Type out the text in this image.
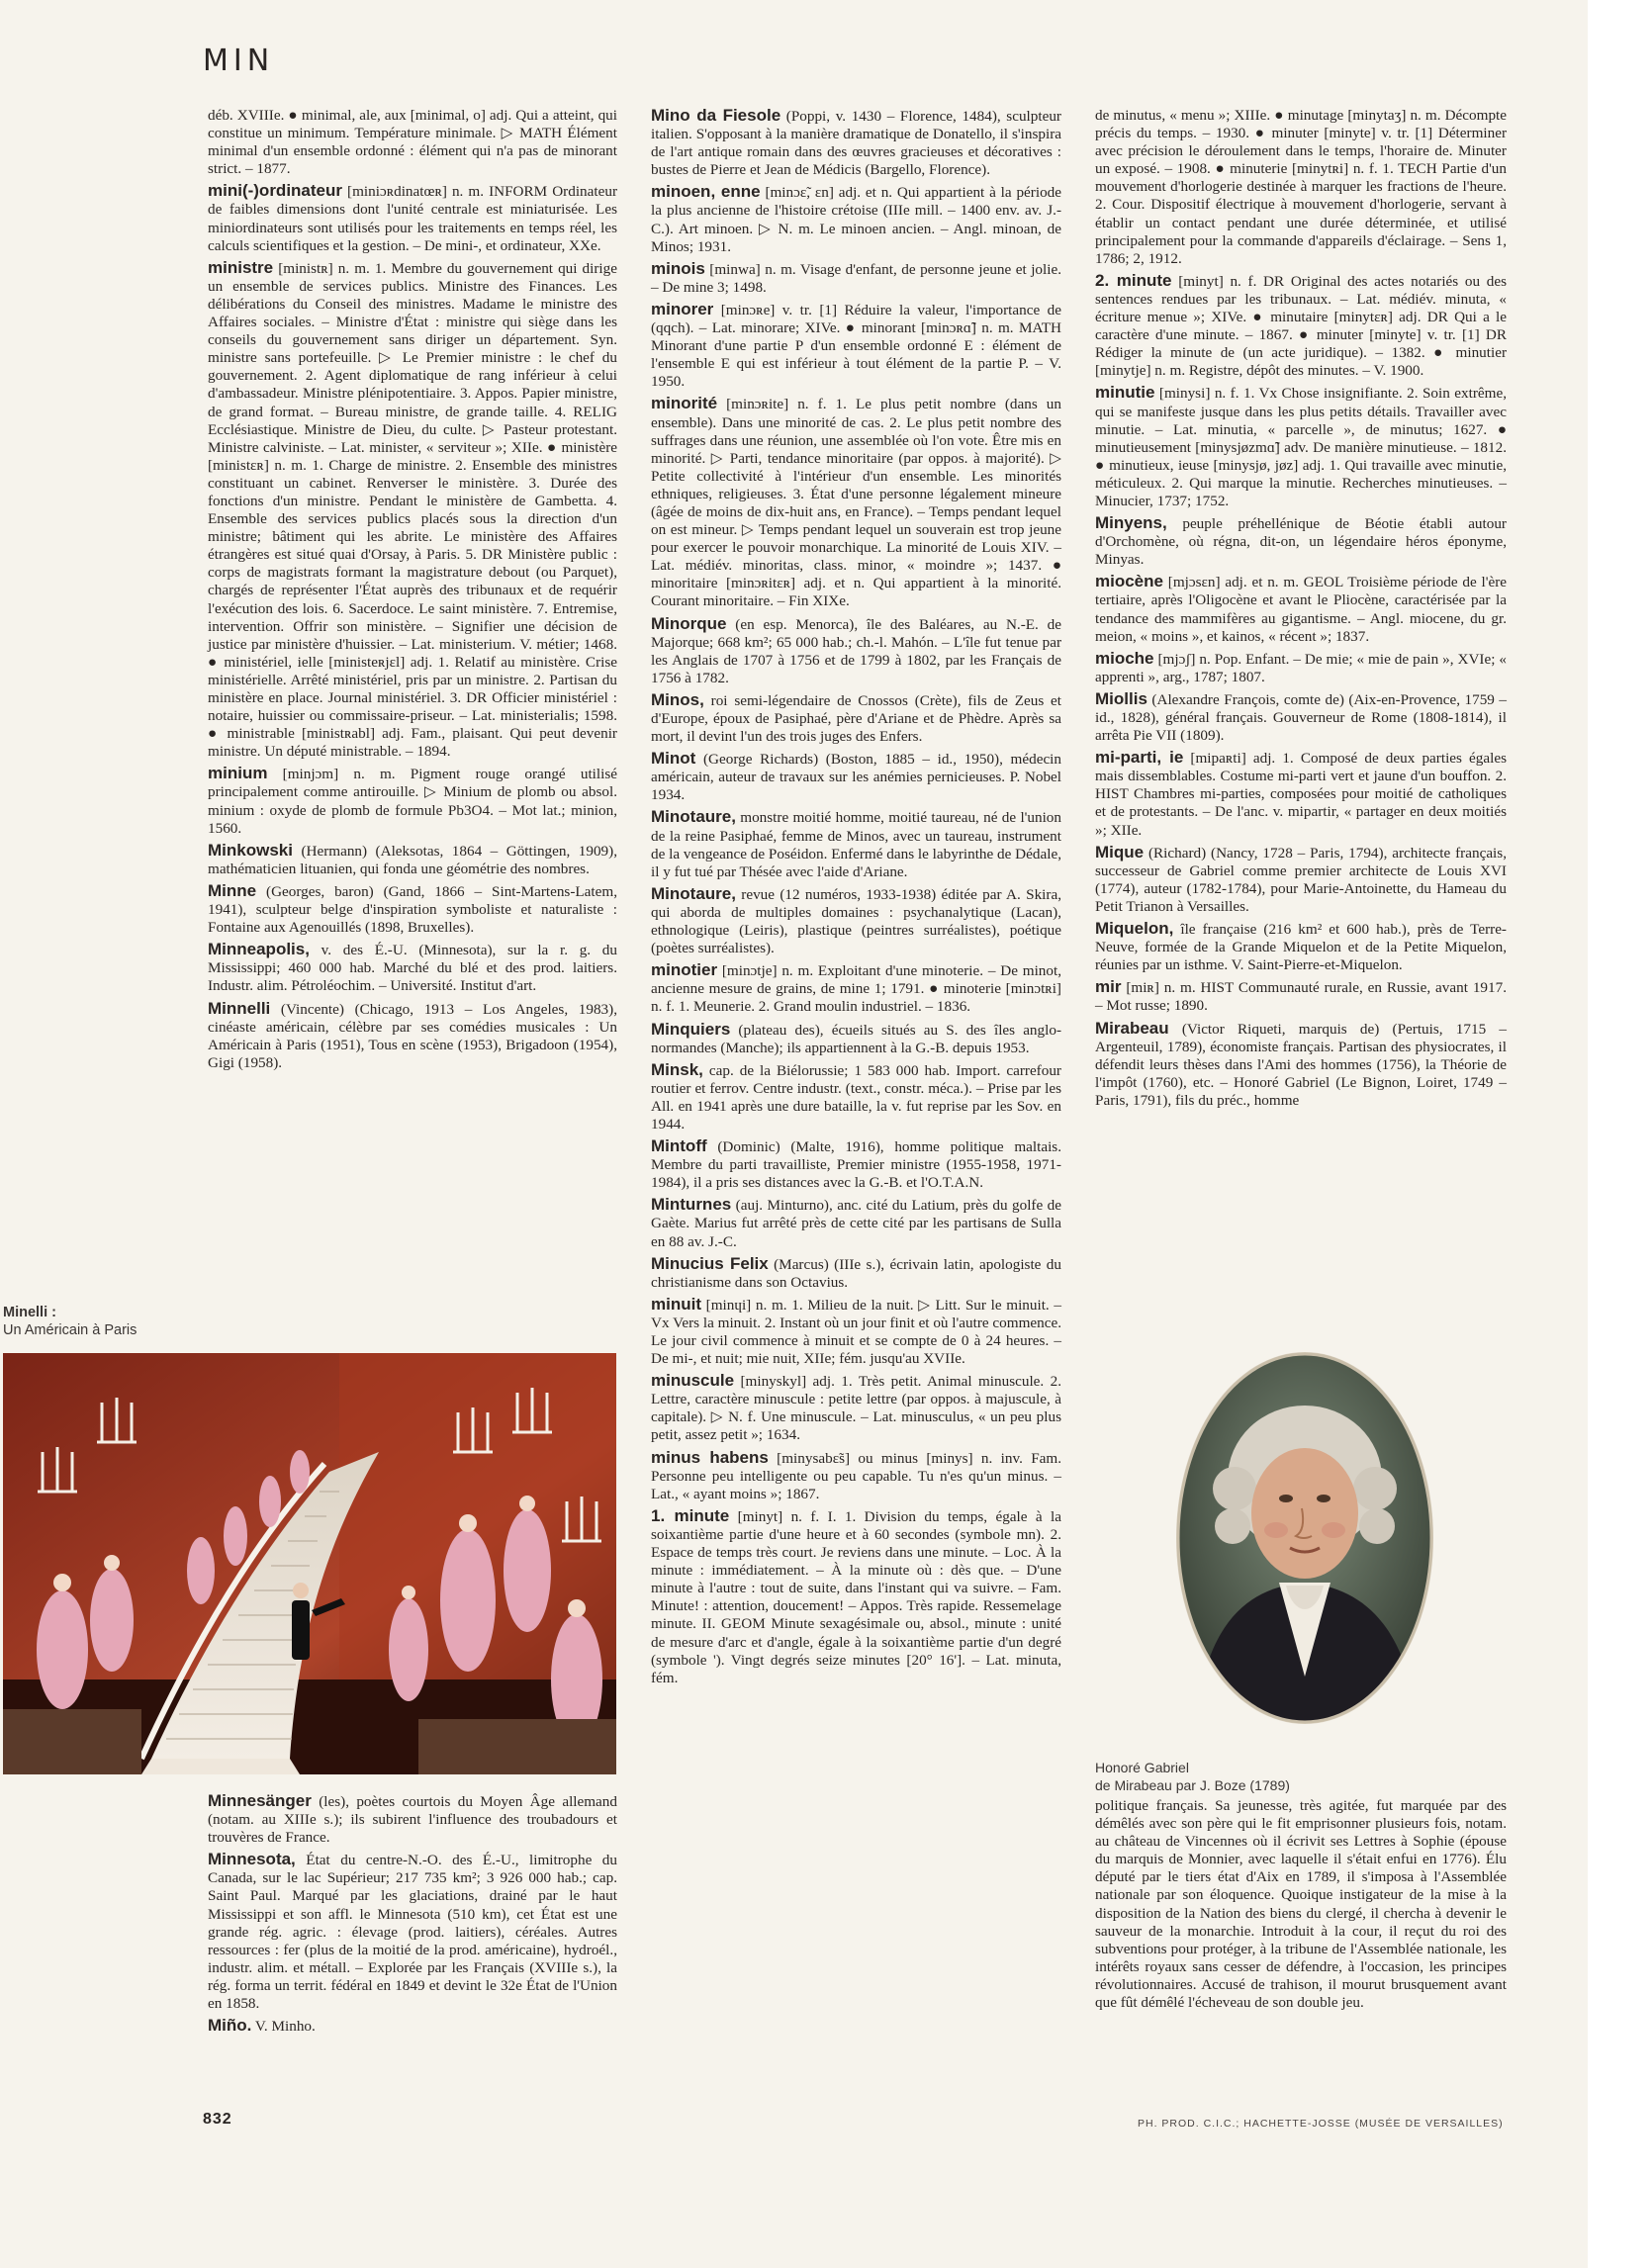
MIN
déb. XVIIIe. ● minimal, ale, aux [minimal, o] adj. Qui a atteint, qui constitue un minimum. Température minimale. ▷ MATH Élément minimal d'un ensemble ordonné : élément qui n'a pas de minorant strict. – 1877.
mini(-)ordinateur [miniɔʀdinatœʀ] n. m. INFORM Ordinateur de faibles dimensions dont l'unité centrale est miniaturisée. Les miniordinateurs sont utilisés pour les traitements en temps réel, les calculs scientifiques et la gestion. – De mini-, et ordinateur, XXe.
ministre [ministʀ] n. m. 1. Membre du gouvernement qui dirige un ensemble de services publics. Ministre des Finances. Les délibérations du Conseil des ministres. Madame le ministre des Affaires sociales. – Ministre d'État : ministre qui siège dans les conseils du gouvernement sans diriger un département. Syn. ministre sans portefeuille. ▷ Le Premier ministre : le chef du gouvernement. 2. Agent diplomatique de rang inférieur à celui d'ambassadeur. Ministre plénipotentiaire. 3. Appos. Papier ministre, de grand format. – Bureau ministre, de grande taille. 4. RELIG Ecclésiastique. Ministre de Dieu, du culte. ▷ Pasteur protestant. Ministre calviniste. – Lat. minister, « serviteur »; XIIe. ● ministère [ministɛʀ] n. m. 1. Charge de ministre. 2. Ensemble des ministres constituant un cabinet. Renverser le ministère. 3. Durée des fonctions d'un ministre. Pendant le ministère de Gambetta. 4. Ensemble des services publics placés sous la direction d'un ministre; bâtiment qui les abrite. Le ministère des Affaires étrangères est situé quai d'Orsay, à Paris. 5. DR Ministère public : corps de magistrats formant la magistrature debout (ou Parquet), chargés de représenter l'État auprès des tribunaux et de requérir l'exécution des lois. 6. Sacerdoce. Le saint ministère. 7. Entremise, intervention. Offrir son ministère. – Signifier une décision de justice par ministère d'huissier. – Lat. ministerium. V. métier; 1468. ● ministériel, ielle [ministeʀjɛl] adj. 1. Relatif au ministère. Crise ministérielle. Arrêté ministériel, pris par un ministre. 2. Partisan du ministère en place. Journal ministériel. 3. DR Officier ministériel : notaire, huissier ou commissaire-priseur. – Lat. ministerialis; 1598. ● ministrable [ministʀabl] adj. Fam., plaisant. Qui peut devenir ministre. Un député ministrable. – 1894.
minium [minjɔm] n. m. Pigment rouge orangé utilisé principalement comme antirouille. ▷ Minium de plomb ou absol. minium : oxyde de plomb de formule Pb3O4. – Mot lat.; minion, 1560.
Minkowski (Hermann) (Aleksotas, 1864 – Göttingen, 1909), mathématicien lituanien, qui fonda une géométrie des nombres.
Minne (Georges, baron) (Gand, 1866 – Sint-Martens-Latem, 1941), sculpteur belge d'inspiration symboliste et naturaliste : Fontaine aux Agenouillés (1898, Bruxelles).
Minneapolis, v. des É.-U. (Minnesota), sur la r. g. du Mississippi; 460 000 hab. Marché du blé et des prod. laitiers. Industr. alim. Pétroléochim. – Université. Institut d'art.
Minnelli (Vincente) (Chicago, 1913 – Los Angeles, 1983), cinéaste américain, célèbre par ses comédies musicales : Un Américain à Paris (1951), Tous en scène (1953), Brigadoon (1954), Gigi (1958).
Minelli :
Un Américain à Paris
Minnesänger (les), poètes courtois du Moyen Âge allemand (notam. au XIIIe s.); ils subirent l'influence des troubadours et trouvères de France.
Minnesota, État du centre-N.-O. des É.-U., limitrophe du Canada, sur le lac Supérieur; 217 735 km²; 3 926 000 hab.; cap. Saint Paul. Marqué par les glaciations, drainé par le haut Mississippi et son affl. le Minnesota (510 km), cet État est une grande rég. agric. : élevage (prod. laitiers), céréales. Autres ressources : fer (plus de la moitié de la prod. américaine), hydroél., industr. alim. et métall. – Explorée par les Français (XVIIIe s.), la rég. forma un territ. fédéral en 1849 et devint le 32e État de l'Union en 1858.
Miño. V. Minho.
Mino da Fiesole (Poppi, v. 1430 – Florence, 1484), sculpteur italien. S'opposant à la manière dramatique de Donatello, il s'inspira de l'art antique romain dans des œuvres gracieuses et décoratives : bustes de Pierre et Jean de Médicis (Bargello, Florence).
minoen, enne [minɔɛ̃, ɛn] adj. et n. Qui appartient à la période la plus ancienne de l'histoire crétoise (IIIe mill. – 1400 env. av. J.-C.). Art minoen. ▷ N. m. Le minoen ancien. – Angl. minoan, de Minos; 1931.
minois [minwa] n. m. Visage d'enfant, de personne jeune et jolie. – De mine 3; 1498.
minorer [minɔʀe] v. tr. [1] Réduire la valeur, l'importance de (qqch). – Lat. minorare; XIVe. ● minorant [minɔʀɑ̃] n. m. MATH Minorant d'une partie P d'un ensemble ordonné E : élément de l'ensemble E qui est inférieur à tout élément de la partie P. – V. 1950.
minorité [minɔʀite] n. f. 1. Le plus petit nombre (dans un ensemble). Dans une minorité de cas. 2. Le plus petit nombre des suffrages dans une réunion, une assemblée où l'on vote. Être mis en minorité. ▷ Parti, tendance minoritaire (par oppos. à majorité). ▷ Petite collectivité à l'intérieur d'un ensemble. Les minorités ethniques, religieuses. 3. État d'une personne légalement mineure (âgée de moins de dix-huit ans, en France). – Temps pendant lequel on est mineur. ▷ Temps pendant lequel un souverain est trop jeune pour exercer le pouvoir monarchique. La minorité de Louis XIV. – Lat. médiév. minoritas, class. minor, « moindre »; 1437. ● minoritaire [minɔʀitɛʀ] adj. et n. Qui appartient à la minorité. Courant minoritaire. – Fin XIXe.
Minorque (en esp. Menorca), île des Baléares, au N.-E. de Majorque; 668 km²; 65 000 hab.; ch.-l. Mahón. – L'île fut tenue par les Anglais de 1707 à 1756 et de 1799 à 1802, par les Français de 1756 à 1782.
Minos, roi semi-légendaire de Cnossos (Crète), fils de Zeus et d'Europe, époux de Pasiphaé, père d'Ariane et de Phèdre. Après sa mort, il devint l'un des trois juges des Enfers.
Minot (George Richards) (Boston, 1885 – id., 1950), médecin américain, auteur de travaux sur les anémies pernicieuses. P. Nobel 1934.
Minotaure, monstre moitié homme, moitié taureau, né de l'union de la reine Pasiphaé, femme de Minos, avec un taureau, instrument de la vengeance de Poséidon. Enfermé dans le labyrinthe de Dédale, il y fut tué par Thésée avec l'aide d'Ariane.
Minotaure, revue (12 numéros, 1933-1938) éditée par A. Skira, qui aborda de multiples domaines : psychanalytique (Lacan), ethnologique (Leiris), plastique (peintres surréalistes), poétique (poètes surréalistes).
minotier [minɔtje] n. m. Exploitant d'une minoterie. – De minot, ancienne mesure de grains, de mine 1; 1791. ● minoterie [minɔtʀi] n. f. 1. Meunerie. 2. Grand moulin industriel. – 1836.
Minquiers (plateau des), écueils situés au S. des îles anglo-normandes (Manche); ils appartiennent à la G.-B. depuis 1953.
Minsk, cap. de la Biélorussie; 1 583 000 hab. Import. carrefour routier et ferrov. Centre industr. (text., constr. méca.). – Prise par les All. en 1941 après une dure bataille, la v. fut reprise par les Sov. en 1944.
Mintoff (Dominic) (Malte, 1916), homme politique maltais. Membre du parti travailliste, Premier ministre (1955-1958, 1971-1984), il a pris ses distances avec la G.-B. et l'O.T.A.N.
Minturnes (auj. Minturno), anc. cité du Latium, près du golfe de Gaète. Marius fut arrêté près de cette cité par les partisans de Sulla en 88 av. J.-C.
Minucius Felix (Marcus) (IIIe s.), écrivain latin, apologiste du christianisme dans son Octavius.
minuit [minɥi] n. m. 1. Milieu de la nuit. ▷ Litt. Sur le minuit. – Vx Vers la minuit. 2. Instant où un jour finit et où l'autre commence. Le jour civil commence à minuit et se compte de 0 à 24 heures. – De mi-, et nuit; mie nuit, XIIe; fém. jusqu'au XVIIe.
minuscule [minyskyl] adj. 1. Très petit. Animal minuscule. 2. Lettre, caractère minuscule : petite lettre (par oppos. à majuscule, à capitale). ▷ N. f. Une minuscule. – Lat. minusculus, « un peu plus petit, assez petit »; 1634.
minus habens [minysabɛ̃s] ou minus [minys] n. inv. Fam. Personne peu intelligente ou peu capable. Tu n'es qu'un minus. – Lat., « ayant moins »; 1867.
1. minute [minyt] n. f. I. 1. Division du temps, égale à la soixantième partie d'une heure et à 60 secondes (symbole mn). 2. Espace de temps très court. Je reviens dans une minute. – Loc. À la minute : immédiatement. – À la minute où : dès que. – D'une minute à l'autre : tout de suite, dans l'instant qui va suivre. – Fam. Minute! : attention, doucement! – Appos. Très rapide. Ressemelage minute. II. GEOM Minute sexagésimale ou, absol., minute : unité de mesure d'arc et d'angle, égale à la soixantième partie d'un degré (symbole '). Vingt degrés seize minutes [20° 16']. – Lat. minuta, fém.
de minutus, « menu »; XIIIe. ● minutage [minytaʒ] n. m. Décompte précis du temps. – 1930. ● minuter [minyte] v. tr. [1] Déterminer avec précision le déroulement dans le temps, l'horaire de. Minuter un exposé. – 1908. ● minuterie [minytʀi] n. f. 1. TECH Partie d'un mouvement d'horlogerie destinée à marquer les fractions de l'heure. 2. Cour. Dispositif électrique à mouvement d'horlogerie, servant à établir un contact pendant une durée déterminée, et utilisé principalement pour la commande d'appareils d'éclairage. – Sens 1, 1786; 2, 1912.
2. minute [minyt] n. f. DR Original des actes notariés ou des sentences rendues par les tribunaux. – Lat. médiév. minuta, « écriture menue »; XIVe. ● minutaire [minytɛʀ] adj. DR Qui a le caractère d'une minute. – 1867. ● minuter [minyte] v. tr. [1] DR Rédiger la minute de (un acte juridique). – 1382. ● minutier [minytje] n. m. Registre, dépôt des minutes. – V. 1900.
minutie [minysi] n. f. 1. Vx Chose insignifiante. 2. Soin extrême, qui se manifeste jusque dans les plus petits détails. Travailler avec minutie. – Lat. minutia, « parcelle », de minutus; 1627. ● minutieusement [minysjøzmɑ̃] adv. De manière minutieuse. – 1812. ● minutieux, ieuse [minysjø, jøz] adj. 1. Qui travaille avec minutie, méticuleux. 2. Qui marque la minutie. Recherches minutieuses. – Minucier, 1737; 1752.
Minyens, peuple préhellénique de Béotie établi autour d'Orchomène, où régna, dit-on, un légendaire héros éponyme, Minyas.
miocène [mjɔsɛn] adj. et n. m. GEOL Troisième période de l'ère tertiaire, après l'Oligocène et avant le Pliocène, caractérisée par la tendance des mammifères au gigantisme. – Angl. miocene, du gr. meion, « moins », et kainos, « récent »; 1837.
mioche [mjɔʃ] n. Pop. Enfant. – De mie; « mie de pain », XVIe; « apprenti », arg., 1787; 1807.
Miollis (Alexandre François, comte de) (Aix-en-Provence, 1759 – id., 1828), général français. Gouverneur de Rome (1808-1814), il arrêta Pie VII (1809).
mi-parti, ie [mipaʀti] adj. 1. Composé de deux parties égales mais dissemblables. Costume mi-parti vert et jaune d'un bouffon. 2. HIST Chambres mi-parties, composées pour moitié de catholiques et de protestants. – De l'anc. v. mipartir, « partager en deux moitiés »; XIIe.
Mique (Richard) (Nancy, 1728 – Paris, 1794), architecte français, successeur de Gabriel comme premier architecte de Louis XVI (1774), auteur (1782-1784), pour Marie-Antoinette, du Hameau du Petit Trianon à Versailles.
Miquelon, île française (216 km² et 600 hab.), près de Terre-Neuve, formée de la Grande Miquelon et de la Petite Miquelon, réunies par un isthme. V. Saint-Pierre-et-Miquelon.
mir [miʀ] n. m. HIST Communauté rurale, en Russie, avant 1917. – Mot russe; 1890.
Mirabeau (Victor Riqueti, marquis de) (Pertuis, 1715 – Argenteuil, 1789), économiste français. Partisan des physiocrates, il défendit leurs thèses dans l'Ami des hommes (1756), la Théorie de l'impôt (1760), etc. – Honoré Gabriel (Le Bignon, Loiret, 1749 – Paris, 1791), fils du préc., homme
Honoré Gabriel
de Mirabeau par J. Boze (1789)
politique français. Sa jeunesse, très agitée, fut marquée par des démêlés avec son père qui le fit emprisonner plusieurs fois, notam. au château de Vincennes où il écrivit ses Lettres à Sophie (épouse du marquis de Monnier, avec laquelle il s'était enfui en 1776). Élu député par le tiers état d'Aix en 1789, il s'imposa à l'Assemblée nationale par son éloquence. Quoique instigateur de la mise à la disposition de la Nation des biens du clergé, il chercha à devenir le sauveur de la monarchie. Introduit à la cour, il reçut du roi des subventions pour protéger, à la tribune de l'Assemblée nationale, les intérêts royaux sans cesser de défendre, à l'occasion, les principes révolutionnaires. Accusé de trahison, il mourut brusquement avant que fût démêlé l'écheveau de son double jeu.
832	PH. PROD. C.I.C.; HACHETTE-JOSSE (MUSÉE DE VERSAILLES)
